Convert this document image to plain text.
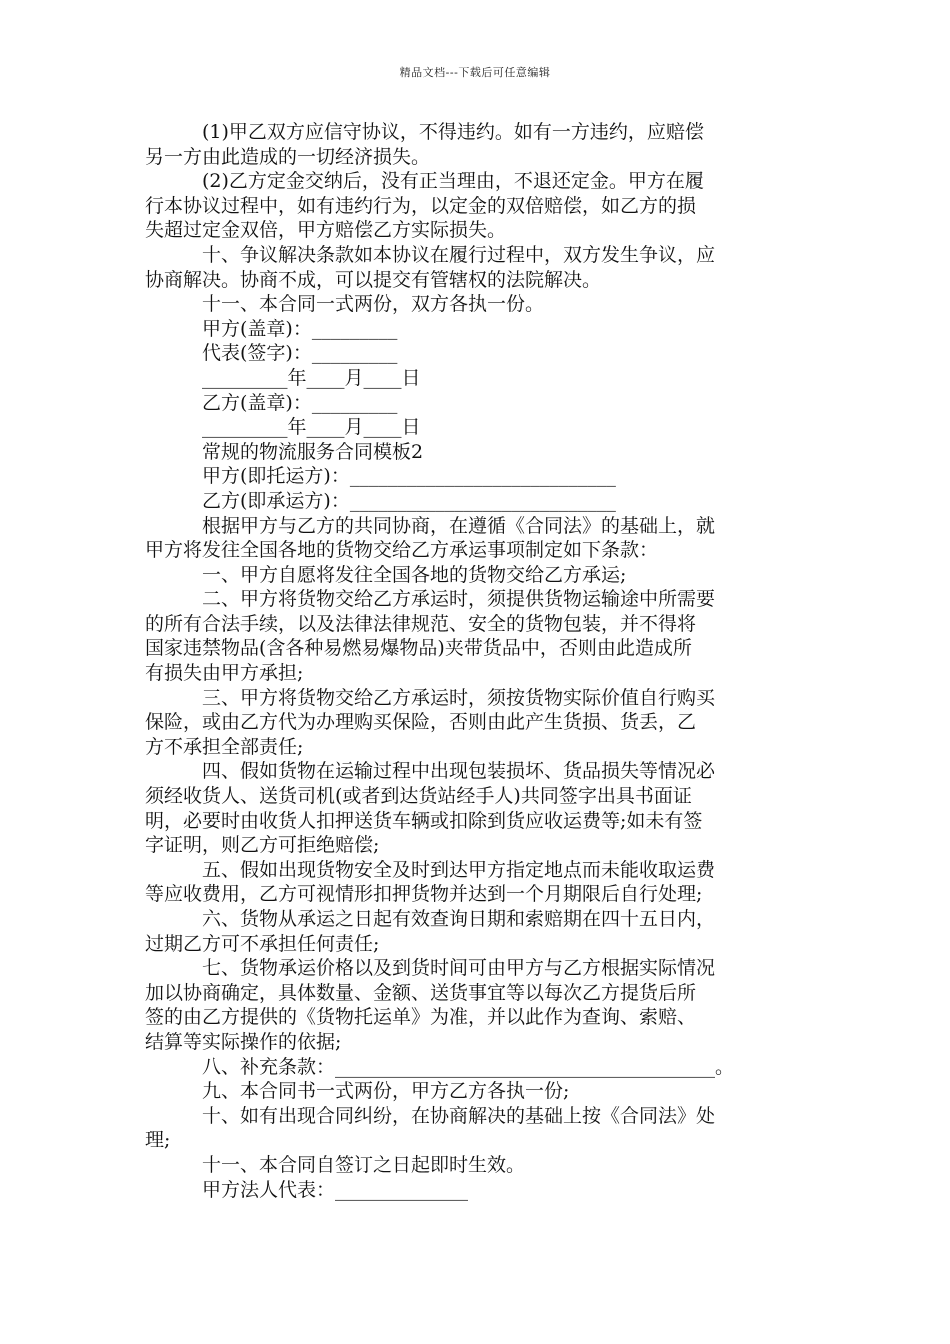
精品文档---下载后可任意编辑
(1)甲乙双方应信守协议，不得违约。如有一方违约，应赔偿
另一方由此造成的一切经济损失。
(2)乙方定金交纳后，没有正当理由，不退还定金。甲方在履
行本协议过程中，如有违约行为，以定金的双倍赔偿，如乙方的损
失超过定金双倍，甲方赔偿乙方实际损失。
十、争议解决条款如本协议在履行过程中，双方发生争议，应
协商解决。协商不成，可以提交有管辖权的法院解决。
十一、本合同一式两份，双方各执一份。
甲方(盖章)：_________
代表(签字)：_________
_________年____月____日
乙方(盖章)：_________
_________年____月____日
常规的物流服务合同模板2
甲方(即托运方)：____________________________
乙方(即承运方)：____________________________
根据甲方与乙方的共同协商，在遵循《合同法》的基础上，就
甲方将发往全国各地的货物交给乙方承运事项制定如下条款：
一、甲方自愿将发往全国各地的货物交给乙方承运;
二、甲方将货物交给乙方承运时，须提供货物运输途中所需要
的所有合法手续，以及法律法律规范、安全的货物包装，并不得将
国家违禁物品(含各种易燃易爆物品)夹带货品中，否则由此造成所
有损失由甲方承担;
三、甲方将货物交给乙方承运时，须按货物实际价值自行购买
保险，或由乙方代为办理购买保险，否则由此产生货损、货丢，乙
方不承担全部责任;
四、假如货物在运输过程中出现包装损坏、货品损失等情况必
须经收货人、送货司机(或者到达货站经手人)共同签字出具书面证
明，必要时由收货人扣押送货车辆或扣除到货应收运费等;如未有签
字证明，则乙方可拒绝赔偿;
五、假如出现货物安全及时到达甲方指定地点而未能收取运费
等应收费用，乙方可视情形扣押货物并达到一个月期限后自行处理;
六、货物从承运之日起有效查询日期和索赔期在四十五日内，
过期乙方可不承担任何责任;
七、货物承运价格以及到货时间可由甲方与乙方根据实际情况
加以协商确定，具体数量、金额、送货事宜等以每次乙方提货后所
签的由乙方提供的《货物托运单》为准，并以此作为查询、索赔、
结算等实际操作的依据;
八、补充条款：________________________________________。
九、本合同书一式两份，甲方乙方各执一份;
十、如有出现合同纠纷，在协商解决的基础上按《合同法》处
理;
十一、本合同自签订之日起即时生效。
甲方法人代表：______________
